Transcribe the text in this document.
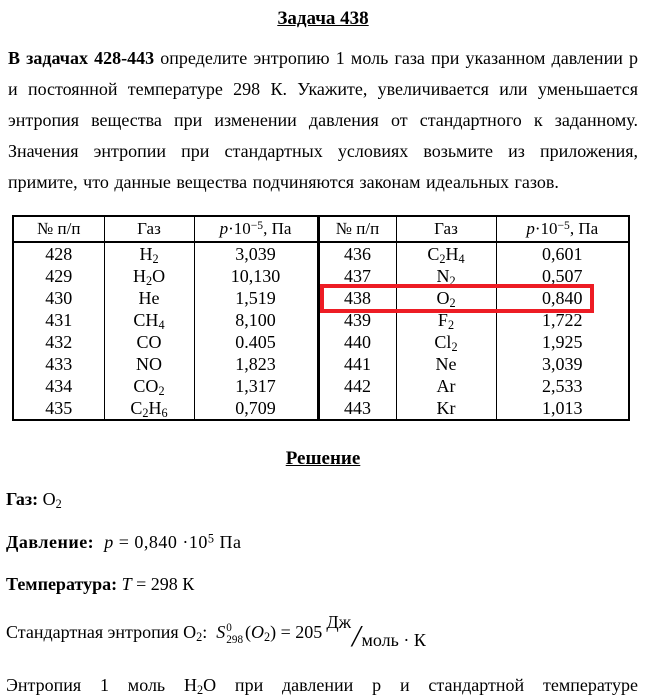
Задача 438

В задачах 428-443 определите энтропию 1 моль газа при указанном давлении р и постоянной температуре 298 К. Укажите, увеличивается или уменьшается энтропия вещества при изменении давления от стандартного к заданному. Значения энтропии при стандартных условиях возьмите из приложения, примите, что данные вещества подчиняются законам идеальных газов.

№ п/п	Газ	$p\cdot 10^{-5}$, Па	№ п/п	Газ	$p\cdot 10^{-5}$, Па
428	$H_2$	3,039	436	$C_2H_4$	0,601
429	$H_2O$	10,130	437	$N_2$	0,507
430	He	1,519	438	$O_2$	0,840
431	$CH_4$	8,100	439	$F_2$	1,722
432	CO	0.405	440	$Cl_2$	1,925
433	NO	1,823	441	Ne	3,039
434	$CO_2$	1,317	442	Ar	2,533
435	$C_2H_6$	0,709	443	Kr	1,013
Решение

Газ: $O_2$

Давление: $p = 0,840 \cdot 10^5$ Па

Температура: T = 298 К

Стандартная энтропия $O_2$: S 0
298 $(O_2) = 205$ Дж/моль · К

Энтропия 1 моль $H_2O$ при давлении р и стандартной температуре
